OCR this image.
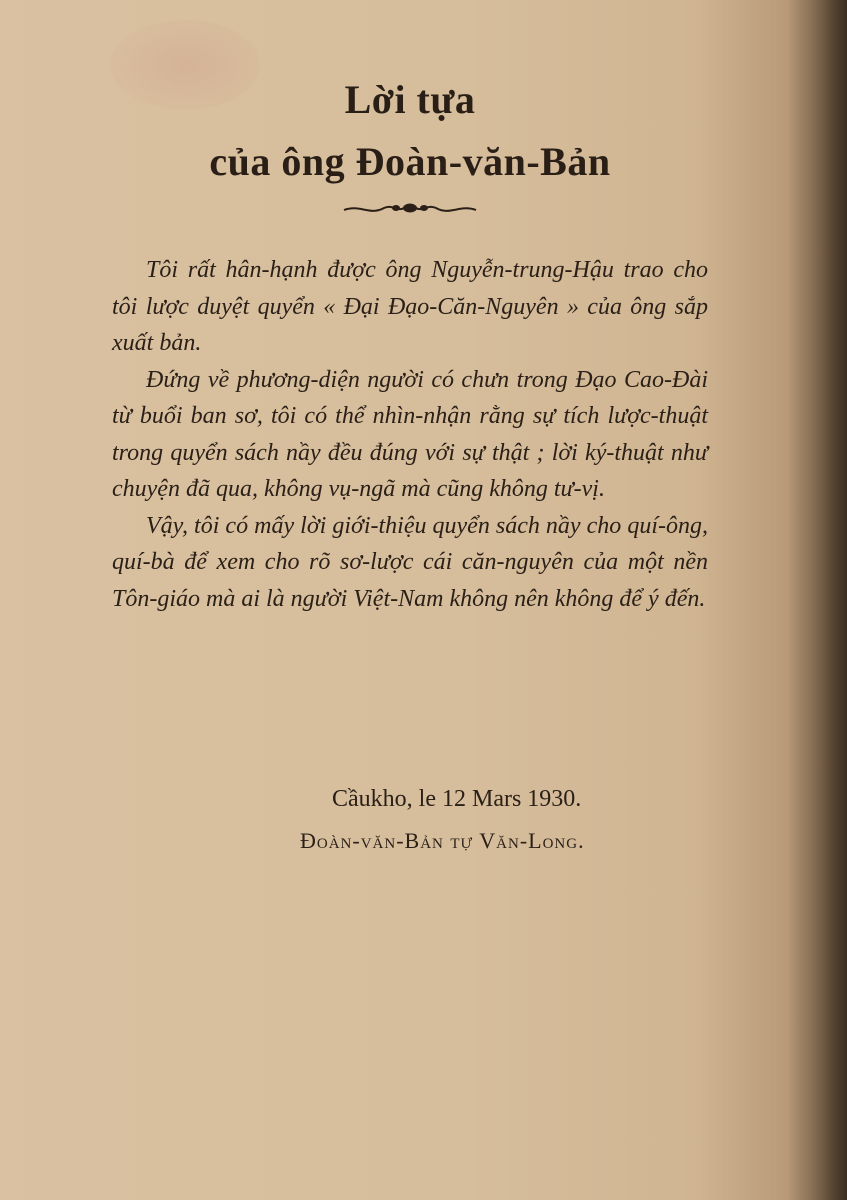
Lời tựa
của ông Đoàn-văn-Bản

Tôi rất hân-hạnh được ông Nguyễn-trung-Hậu trao cho tôi lược duyệt quyển « Đại Đạo-Căn-Nguyên » của ông sắp xuất bản.

Đứng về phương-diện người có chưn trong Đạo Cao-Đài từ buổi ban sơ, tôi có thể nhìn-nhận rằng sự tích lược-thuật trong quyển sách nầy đều đúng với sự thật ; lời ký-thuật như chuyện đã qua, không vụ-ngã mà cũng không tư-vị.

Vậy, tôi có mấy lời giới-thiệu quyển sách nầy cho quí-ông, quí-bà để xem cho rõ sơ-lược cái căn-nguyên của một nền Tôn-giáo mà ai là người Việt-Nam không nên không để ý đến.

Cầukho, le 12 Mars 1930.
Đoàn-văn-Bản tự Văn-Long.
